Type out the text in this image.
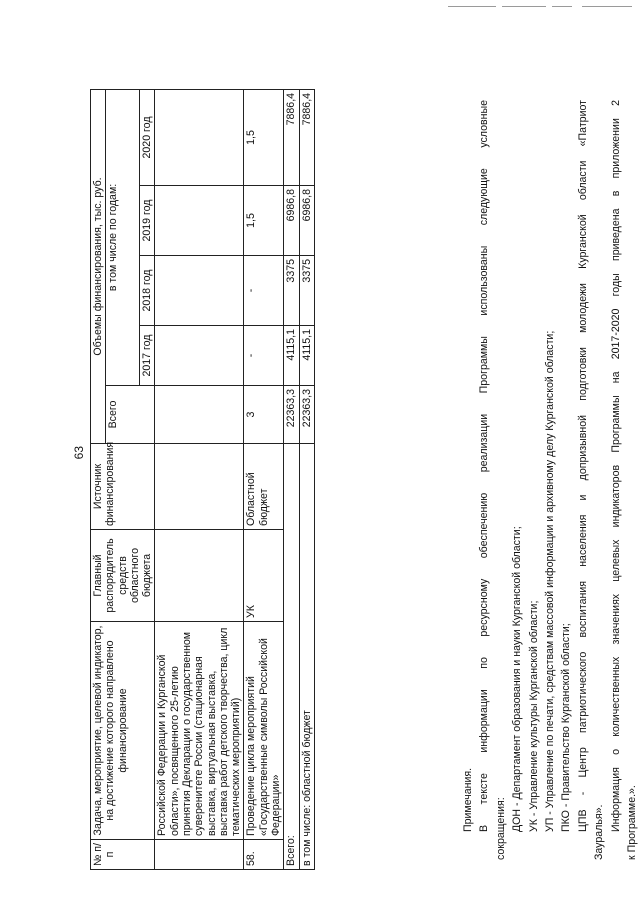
63
№ п/п	Задача, мероприятие, целевой индикатор, на достижение которого направлено финансирование	Главный распорядитель средств областного бюджета	Источник финансирования	Объемы финансирования, тыс. руб.				
				Всего	в том числе по годам:			
					2017 год	2018 год	2019 год	2020 год
	Российской Федерации и Курганской области», посвященного 25-летию принятия Декларации о государственном суверенитете России (стационарная выставка, виртуальная выставка, выставка работ детского творчества, цикл тематических мероприятий)							
58.	Проведение цикла мероприятий «Государственные символы Российской Федерации»	УК	Областной бюджет	3	-	-	1,5	1,5
Всего:				22363,3	4115,1	3375	6986,8	7886,4
в том числе: областной бюджет				22363,3	4115,1	3375	6986,8	7886,4

Примечания. В тексте информации по ресурсному обеспечению реализации Программы использованы следующие условные сокращения: ДОН - Департамент образования и науки Курганской области; УК - Управление культуры Курганской области; УП - Управление по печати, средствам массовой информации и архивному делу Курганской области; ПКО - Правительство Курганской области; ЦПВ - Центр патриотического воспитания населения и допризывной подготовки молодежи Курганской области «Патриот

Зауралья».

Информация о количественных значениях целевых индикаторов Программы на 2017-2020 годы приведена в приложении 2 к Программе.».
